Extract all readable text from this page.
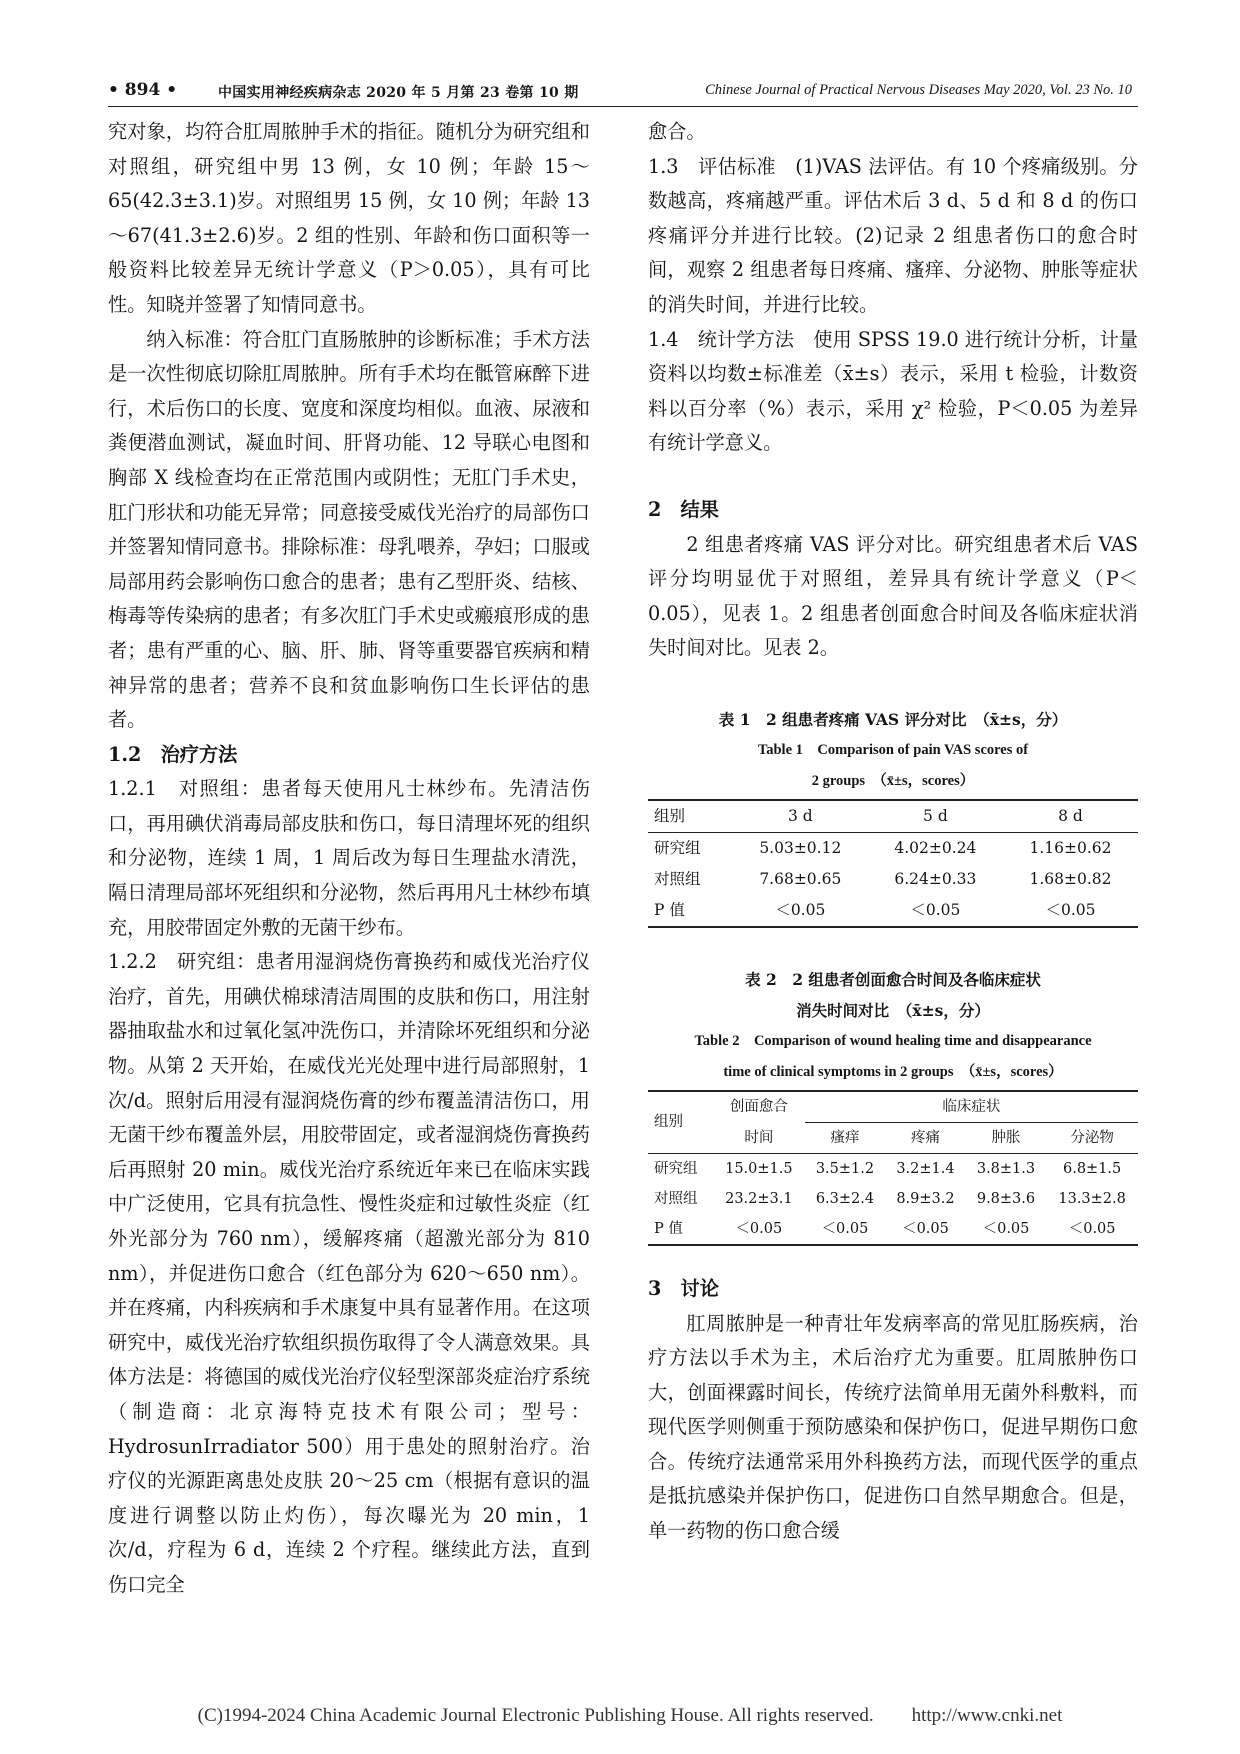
• 894 •	中国实用神经疾病杂志 2020 年 5 月第 23 卷第 10 期	Chinese Journal of Practical Nervous Diseases May 2020, Vol. 23 No. 10

究对象，均符合肛周脓肿手术的指征。随机分为研究组和对照组，研究组中男 13 例，女 10 例；年龄 15～65(42.3±3.1)岁。对照组男 15 例，女 10 例；年龄 13～67(41.3±2.6)岁。2 组的性别、年龄和伤口面积等一般资料比较差异无统计学意义（P＞0.05），具有可比性。知晓并签署了知情同意书。

纳入标准：符合肛门直肠脓肿的诊断标准；手术方法是一次性彻底切除肛周脓肿。所有手术均在骶管麻醉下进行，术后伤口的长度、宽度和深度均相似。血液、尿液和粪便潜血测试，凝血时间、肝肾功能、12 导联心电图和胸部 X 线检查均在正常范围内或阴性；无肛门手术史，肛门形状和功能无异常；同意接受威伐光治疗的局部伤口并签署知情同意书。排除标准：母乳喂养，孕妇；口服或局部用药会影响伤口愈合的患者；患有乙型肝炎、结核、梅毒等传染病的患者；有多次肛门手术史或瘢痕形成的患者；患有严重的心、脑、肝、肺、肾等重要器官疾病和精神异常的患者；营养不良和贫血影响伤口生长评估的患者。

1.2　治疗方法

1.2.1　对照组：患者每天使用凡士林纱布。先清洁伤口，再用碘伏消毒局部皮肤和伤口，每日清理坏死的组织和分泌物，连续 1 周，1 周后改为每日生理盐水清洗，隔日清理局部坏死组织和分泌物，然后再用凡士林纱布填充，用胶带固定外敷的无菌干纱布。

1.2.2　研究组：患者用湿润烧伤膏换药和威伐光治疗仪治疗，首先，用碘伏棉球清洁周围的皮肤和伤口，用注射器抽取盐水和过氧化氢冲洗伤口，并清除坏死组织和分泌物。从第 2 天开始，在威伐光光处理中进行局部照射，1 次/d。照射后用浸有湿润烧伤膏的纱布覆盖清洁伤口，用无菌干纱布覆盖外层，用胶带固定，或者湿润烧伤膏换药后再照射 20 min。威伐光治疗系统近年来已在临床实践中广泛使用，它具有抗急性、慢性炎症和过敏性炎症（红外光部分为 760 nm），缓解疼痛（超激光部分为 810 nm），并促进伤口愈合（红色部分为 620～650 nm）。并在疼痛，内科疾病和手术康复中具有显著作用。在这项研究中，威伐光治疗软组织损伤取得了令人满意效果。具体方法是：将德国的威伐光治疗仪轻型深部炎症治疗系统（制造商：北京海特克技术有限公司；型号：HydrosunIrradiator 500）用于患处的照射治疗。治疗仪的光源距离患处皮肤 20～25 cm（根据有意识的温度进行调整以防止灼伤），每次曝光为 20 min，1 次/d，疗程为 6 d，连续 2 个疗程。继续此方法，直到伤口完全

愈合。

1.3　评估标准　(1)VAS 法评估。有 10 个疼痛级别。分数越高，疼痛越严重。评估术后 3 d、5 d 和 8 d 的伤口疼痛评分并进行比较。(2)记录 2 组患者伤口的愈合时间，观察 2 组患者每日疼痛、瘙痒、分泌物、肿胀等症状的消失时间，并进行比较。

1.4　统计学方法　使用 SPSS 19.0 进行统计分析，计量资料以均数±标准差（x̄±s）表示，采用 t 检验，计数资料以百分率（%）表示，采用 χ² 检验，P＜0.05 为差异有统计学意义。

2　结果

2 组患者疼痛 VAS 评分对比。研究组患者术后 VAS 评分均明显优于对照组，差异具有统计学意义（P＜0.05），见表 1。2 组患者创面愈合时间及各临床症状消失时间对比。见表 2。

表 1　2 组患者疼痛 VAS 评分对比　（x̄±s，分）

Table 1　Comparison of pain VAS scores of

2 groups　（x̄±s，scores）

组别	3 d	5 d	8 d
研究组	5.03±0.12	4.02±0.24	1.16±0.62
对照组	7.68±0.65	6.24±0.33	1.68±0.82
P 值	＜0.05	＜0.05	＜0.05

表 2　2 组患者创面愈合时间及各临床症状

消失时间对比　（x̄±s，分）

Table 2　Comparison of wound healing time and disappearance

time of clinical symptoms in 2 groups　（x̄±s，scores）

组别	创面愈合	临床症状			
	时间	瘙痒	疼痛	肿胀	分泌物
研究组	15.0±1.5	3.5±1.2	3.2±1.4	3.8±1.3	6.8±1.5
对照组	23.2±3.1	6.3±2.4	8.9±3.2	9.8±3.6	13.3±2.8
P 值	＜0.05	＜0.05	＜0.05	＜0.05	＜0.05

3　讨论

肛周脓肿是一种青壮年发病率高的常见肛肠疾病，治疗方法以手术为主，术后治疗尤为重要。肛周脓肿伤口大，创面裸露时间长，传统疗法简单用无菌外科敷料，而现代医学则侧重于预防感染和保护伤口，促进早期伤口愈合。传统疗法通常采用外科换药方法，而现代医学的重点是抵抗感染并保护伤口，促进伤口自然早期愈合。但是，单一药物的伤口愈合缓

(C)1994-2024 China Academic Journal Electronic Publishing House. All rights reserved.　　http://www.cnki.net
